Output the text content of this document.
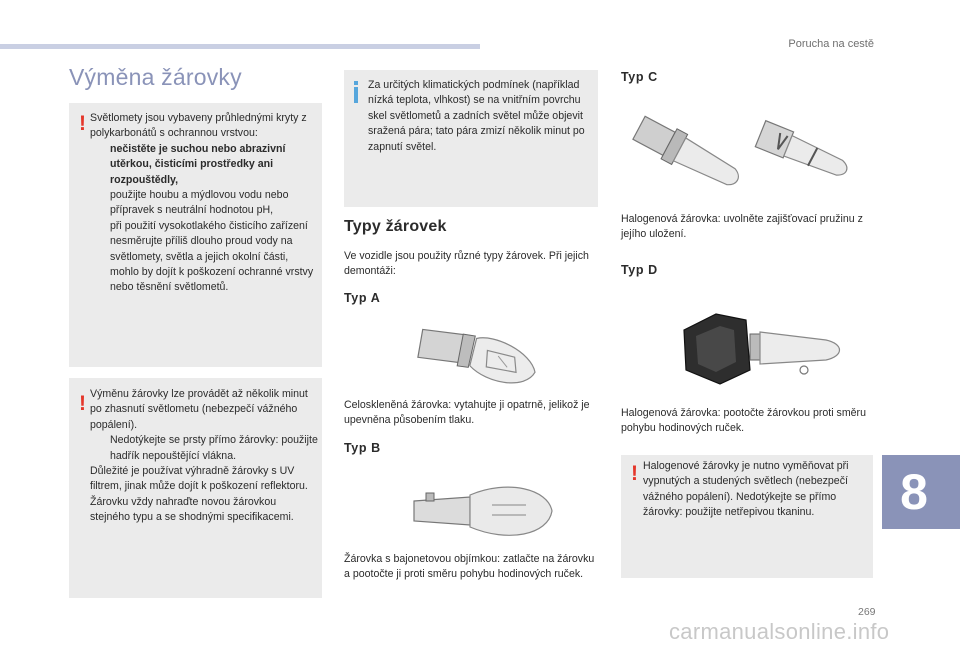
Porucha na cestě
Výměna žárovky
! Světlomety jsou vybaveny průhlednými kryty z polykarbonátů s ochrannou vrstvou:

nečistěte je suchou nebo abrazivní utěrkou, čisticími prostředky ani rozpouštědly,

použijte houbu a mýdlovou vodu nebo přípravek s neutrální hodnotou pH,

při použití vysokotlakého čisticího zařízení nesměrujte příliš dlouho proud vody na světlomety, světla a jejich okolní části, mohlo by dojít k poškození ochranné vrstvy nebo těsnění světlometů.

! Výměnu žárovky lze provádět až několik minut po zhasnutí světlometu (nebezpečí vážného popálení).

Nedotýkejte se prsty přímo žárovky: použijte hadřík nepouštějící vlákna.

Důležité je používat výhradně žárovky s UV filtrem, jinak může dojít k poškození reflektoru.

Žárovku vždy nahraďte novou žárovkou stejného typu a se shodnými specifikacemi.

Za určitých klimatických podmínek (například nízká teplota, vlhkost) se na vnitřním povrchu skel světlometů a zadních světel může objevit sražená pára; tato pára zmizí několik minut po zapnutí světel.
Typy žárovek
Ve vozidle jsou použity různé typy žárovek. Při jejich demontáži:
Typ A
Celoskleněná žárovka: vytahujte ji opatrně, jelikož je upevněna působením tlaku.
Typ B
Žárovka s bajonetovou objímkou: zatlačte na žárovku a pootočte ji proti směru pohybu hodinových ruček.
Typ C
Halogenová žárovka: uvolněte zajišťovací pružinu z jejího uložení.
Typ D
Halogenová žárovka: pootočte žárovkou proti směru pohybu hodinových ruček.
! Halogenové žárovky je nutno vyměňovat při vypnutých a studených světlech (nebezpečí vážného popálení). Nedotýkejte se přímo žárovky: použijte netřepivou tkaninu.	8
269
carmanualsonline.info
